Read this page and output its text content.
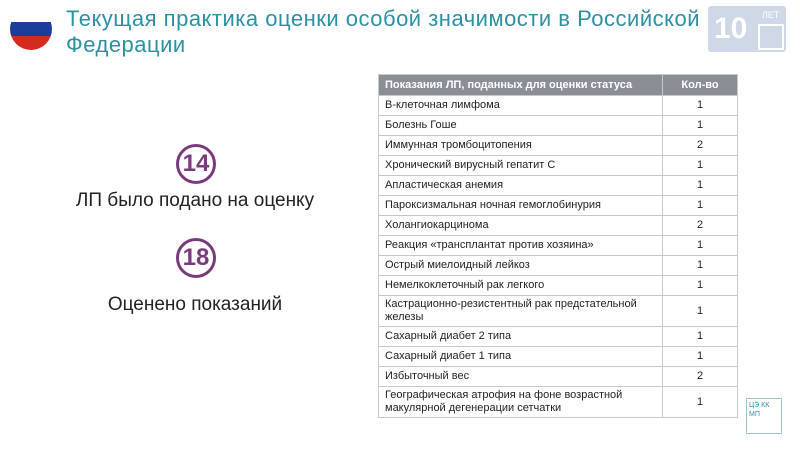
Текущая практика оценки особой значимости в Российской Федерации	10 ЛЕТ
14
ЛП было подано на оценку
18
Оценено показаний
Показания ЛП, поданных для оценки статуса	Кол-во
В-клеточная лимфома	1
Болезнь Гоше	1
Иммунная тромбоцитопения	2
Хронический вирусный гепатит С	1
Апластическая анемия	1
Пароксизмальная ночная гемоглобинурия	1
Холангиокарцинома	2
Реакция «трансплантат против хозяина»	1
Острый миелоидный лейкоз	1
Немелкоклеточный рак легкого	1
Кастрационно-резистентный рак предстательной железы	1
Сахарный диабет 2 типа	1
Сахарный диабет 1 типа	1
Избыточный вес	2
Географическая атрофия на фоне возрастной макулярной дегенерации сетчатки	1	ЦЭ КК МП
